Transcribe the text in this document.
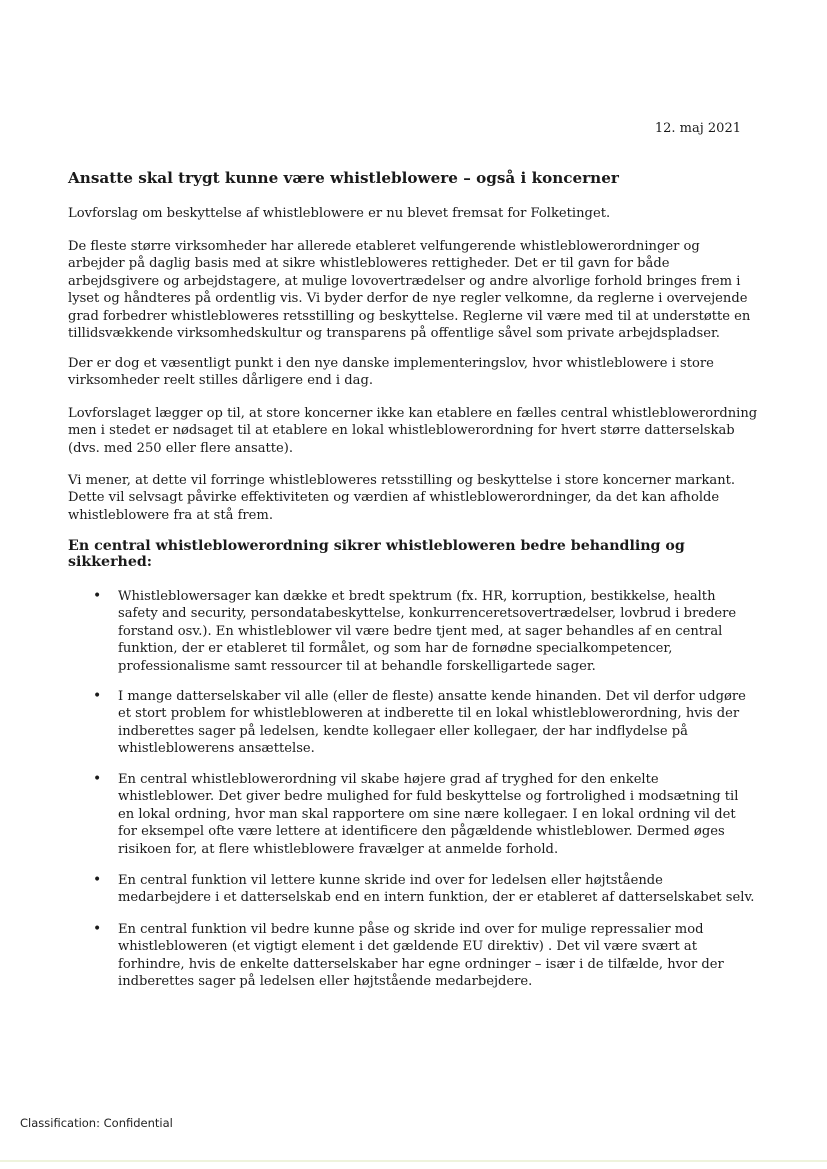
12. maj 2021
Ansatte skal trygt kunne være whistleblowere – også i koncerner

Lovforslag om beskyttelse af whistleblowere er nu blevet fremsat for Folketinget.

De fleste større virksomheder har allerede etableret velfungerende whistleblowerordninger og arbejder på daglig basis med at sikre whistlebloweres rettigheder. Det er til gavn for både arbejdsgivere og arbejdstagere, at mulige lovovertrædelser og andre alvorlige forhold bringes frem i lyset og håndteres på ordentlig vis. Vi byder derfor de nye regler velkomne, da reglerne i overvejende grad forbedrer whistlebloweres retsstilling og beskyttelse. Reglerne vil være med til at understøtte en tillidsvækkende virksomhedskultur og transparens på offentlige såvel som private arbejdspladser.

Der er dog et væsentligt punkt i den nye danske implementeringslov, hvor whistleblowere i store virksomheder reelt stilles dårligere end i dag.

Lovforslaget lægger op til, at store koncerner ikke kan etablere en fælles central whistleblowerordning men i stedet er nødsaget til at etablere en lokal whistleblowerordning for hvert større datterselskab (dvs. med 250 eller flere ansatte).

Vi mener, at dette vil forringe whistlebloweres retsstilling og beskyttelse i store koncerner markant. Dette vil selvsagt påvirke effektiviteten og værdien af whistleblowerordninger, da det kan afholde whistleblowere fra at stå frem.

En central whistleblowerordning sikrer whistlebloweren bedre behandling og sikkerhed:
• Whistleblowersager kan dække et bredt spektrum (fx. HR, korruption, bestikkelse, health safety and security, persondatabeskyttelse, konkurrenceretsovertrædelser, lovbrud i bredere forstand osv.). En whistleblower vil være bedre tjent med, at sager behandles af en central funktion, der er etableret til formålet, og som har de fornødne specialkompetencer, professionalisme samt ressourcer til at behandle forskelligartede sager.

• I mange datterselskaber vil alle (eller de fleste) ansatte kende hinanden. Det vil derfor udgøre et stort problem for whistlebloweren at indberette til en lokal whistleblowerordning, hvis der indberettes sager på ledelsen, kendte kollegaer eller kollegaer, der har indflydelse på whistleblowerens ansættelse.

• En central whistleblowerordning vil skabe højere grad af tryghed for den enkelte whistleblower. Det giver bedre mulighed for fuld beskyttelse og fortrolighed i modsætning til en lokal ordning, hvor man skal rapportere om sine nære kollegaer. I en lokal ordning vil det for eksempel ofte være lettere at identificere den pågældende whistleblower. Dermed øges risikoen for, at flere whistleblowere fravælger at anmelde forhold.

• En central funktion vil lettere kunne skride ind over for ledelsen eller højtstående medarbejdere i et datterselskab end en intern funktion, der er etableret af datterselskabet selv.

• En central funktion vil bedre kunne påse og skride ind over for mulige repressalier mod whistlebloweren (et vigtigt element i det gældende EU direktiv) . Det vil være svært at forhindre, hvis de enkelte datterselskaber har egne ordninger – især i de tilfælde, hvor der indberettes sager på ledelsen eller højtstående medarbejdere.

Classification: Confidential
